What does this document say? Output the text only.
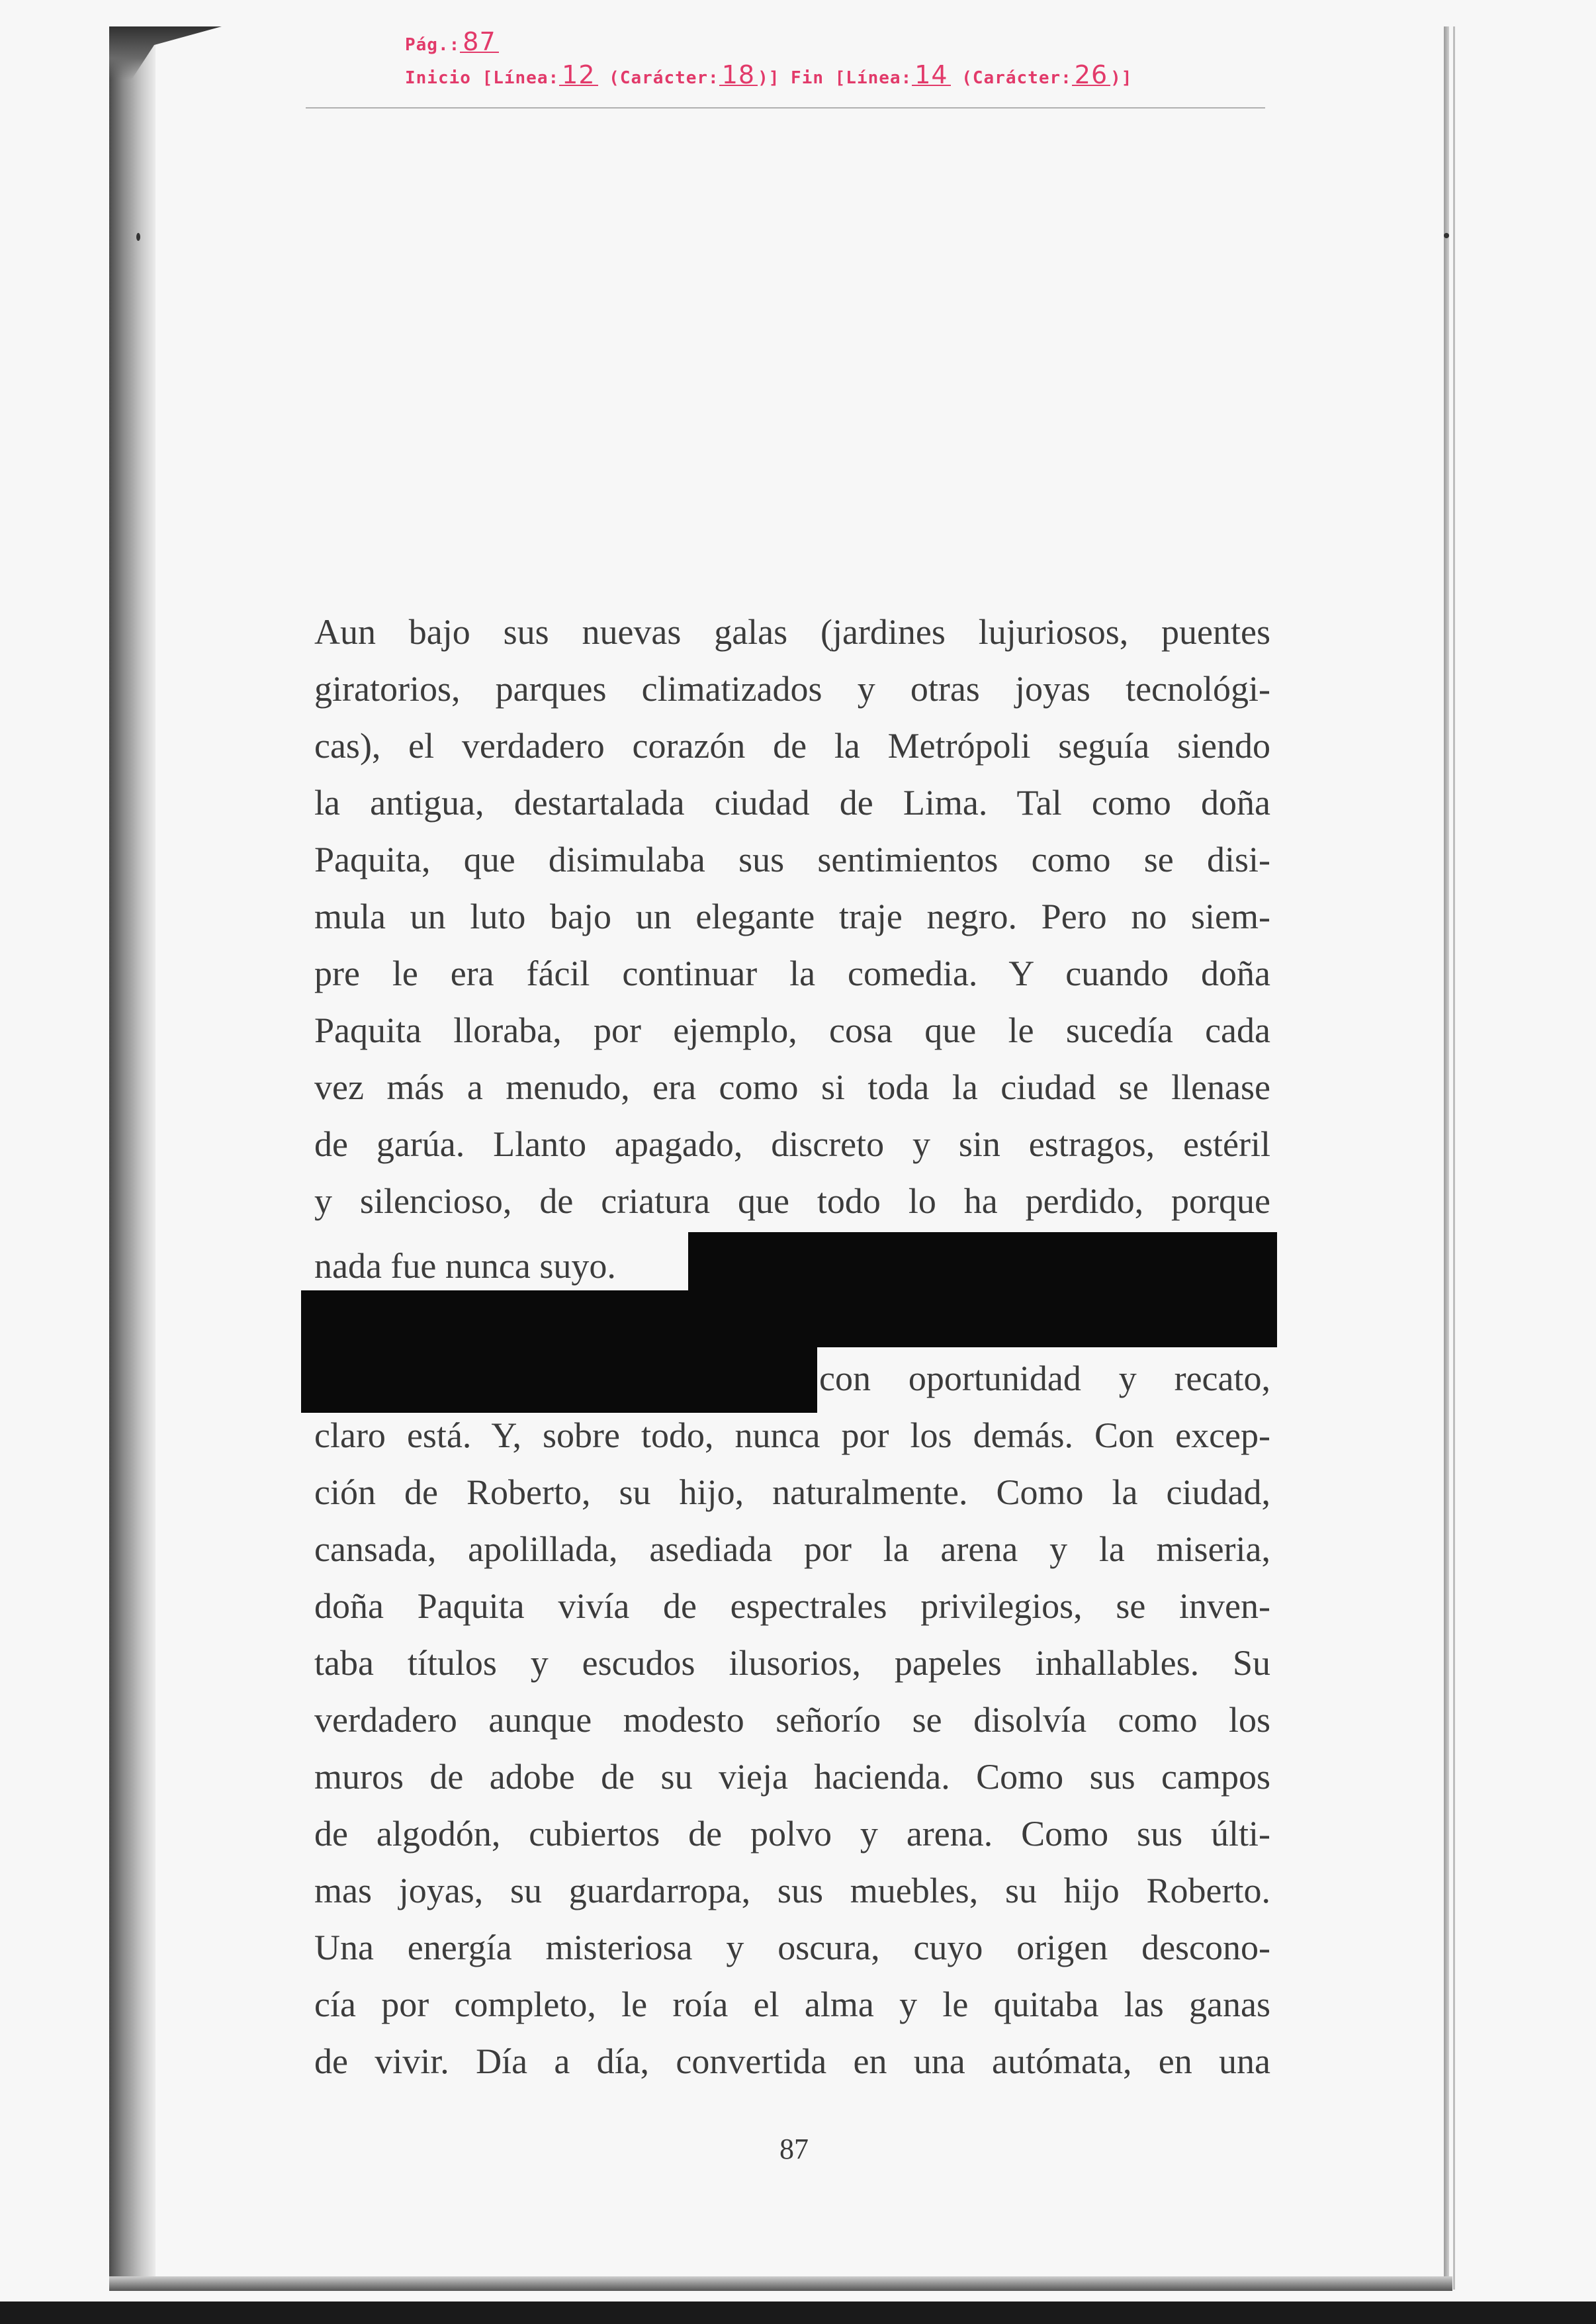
Pág.: 87
Inicio [Línea: 12 (Carácter: 18 )] Fin [Línea: 14 (Carácter: 26 )]
Aun bajo sus nuevas galas (jardines lujuriosos, puentes
giratorios, parques climatizados y otras joyas tecnológi-
cas), el verdadero corazón de la Metrópoli seguía siendo
la antigua, destartalada ciudad de Lima. Tal como doña
Paquita, que disimulaba sus sentimientos como se disi-
mula un luto bajo un elegante traje negro. Pero no siem-
pre le era fácil continuar la comedia. Y cuando doña
Paquita lloraba, por ejemplo, cosa que le sucedía cada
vez más a menudo, era como si toda la ciudad se llenase
de garúa. Llanto apagado, discreto y sin estragos, estéril
y silencioso, de criatura que todo lo ha perdido, porque
nada fue nunca suyo.
con oportunidad y recato,
claro está. Y, sobre todo, nunca por los demás. Con excep-
ción de Roberto, su hijo, naturalmente. Como la ciudad,
cansada, apolillada, asediada por la arena y la miseria,
doña Paquita vivía de espectrales privilegios, se inven-
taba títulos y escudos ilusorios, papeles inhallables. Su
verdadero aunque modesto señorío se disolvía como los
muros de adobe de su vieja hacienda. Como sus campos
de algodón, cubiertos de polvo y arena. Como sus últi-
mas joyas, su guardarropa, sus muebles, su hijo Roberto.
Una energía misteriosa y oscura, cuyo origen descono-
cía por completo, le roía el alma y le quitaba las ganas
de vivir. Día a día, convertida en una autómata, en una
87
